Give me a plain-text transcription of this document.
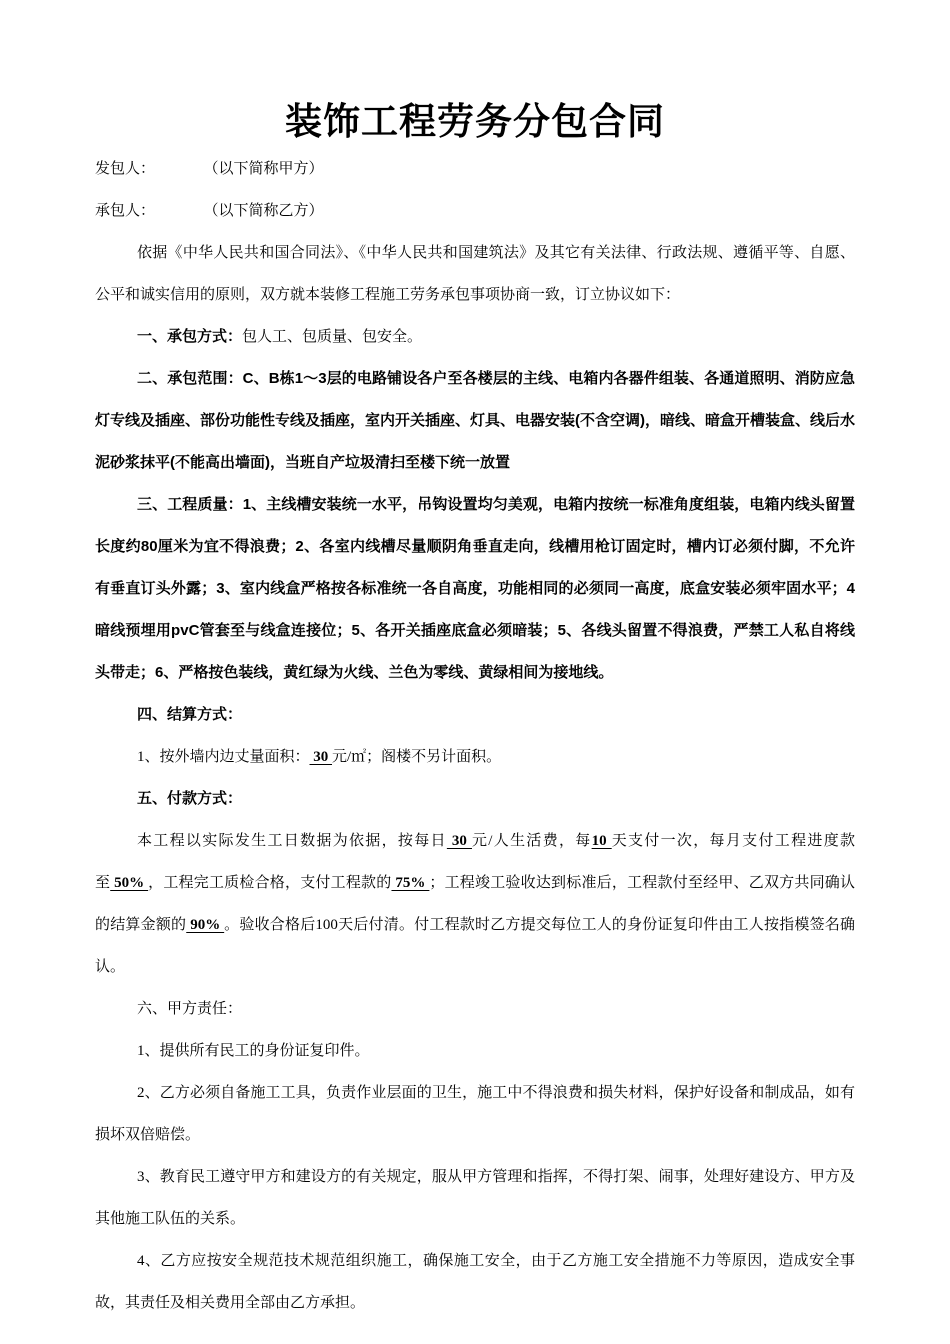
装饰工程劳务分包合同

发包人：	（以下简称甲方）

承包人：	（以下简称乙方）

依据《中华人民共和国合同法》、《中华人民共和国建筑法》及其它有关法律、行政法规、遵循平等、自愿、公平和诚实信用的原则，双方就本装修工程施工劳务承包事项协商一致，订立协议如下：

一、承包方式：包人工、包质量、包安全。

二、承包范围：C、B栋1～3层的电路铺设各户至各楼层的主线、电箱内各器件组装、各通道照明、消防应急灯专线及插座、部份功能性专线及插座，室内开关插座、灯具、电器安装(不含空调)，暗线、暗盒开槽装盒、线后水泥砂浆抹平(不能高出墙面)，当班自产垃圾清扫至楼下统一放置

三、工程质量：1、主线槽安装统一水平，吊钩设置均匀美观，电箱内按统一标准角度组装，电箱内线头留置长度约80厘米为宜不得浪费；2、各室内线槽尽量顺阴角垂直走向，线槽用枪订固定时，槽内订必须付脚，不允许有垂直订头外露；3、室内线盒严格按各标准统一各自高度，功能相同的必须同一高度，底盒安装必须牢固水平；4暗线预埋用pvC管套至与线盒连接位；5、各开关插座底盒必须暗装；5、各线头留置不得浪费，严禁工人私自将线头带走；6、严格按色装线，黄红绿为火线、兰色为零线、黄绿相间为接地线。

四、结算方式：

1、按外墙内边丈量面积： 30 元/㎡；阁楼不另计面积。

五、付款方式：

本工程以实际发生工日数据为依据，按每日 30 元/人生活费，每10 天支付一次，每月支付工程进度款至 50% ，工程完工质检合格，支付工程款的 75% ；工程竣工验收达到标准后，工程款付至经甲、乙双方共同确认的结算金额的 90% 。验收合格后100天后付清。付工程款时乙方提交每位工人的身份证复印件由工人按指模签名确认。

六、甲方责任：

1、提供所有民工的身份证复印件。

2、乙方必须自备施工工具，负责作业层面的卫生，施工中不得浪费和损失材料，保护好设备和制成品，如有损坏双倍赔偿。

3、教育民工遵守甲方和建设方的有关规定，服从甲方管理和指挥，不得打架、闹事，处理好建设方、甲方及其他施工队伍的关系。

4、乙方应按安全规范技术规范组织施工，确保施工安全，由于乙方施工安全措施不力等原因，造成安全事故，其责任及相关费用全部由乙方承担。
